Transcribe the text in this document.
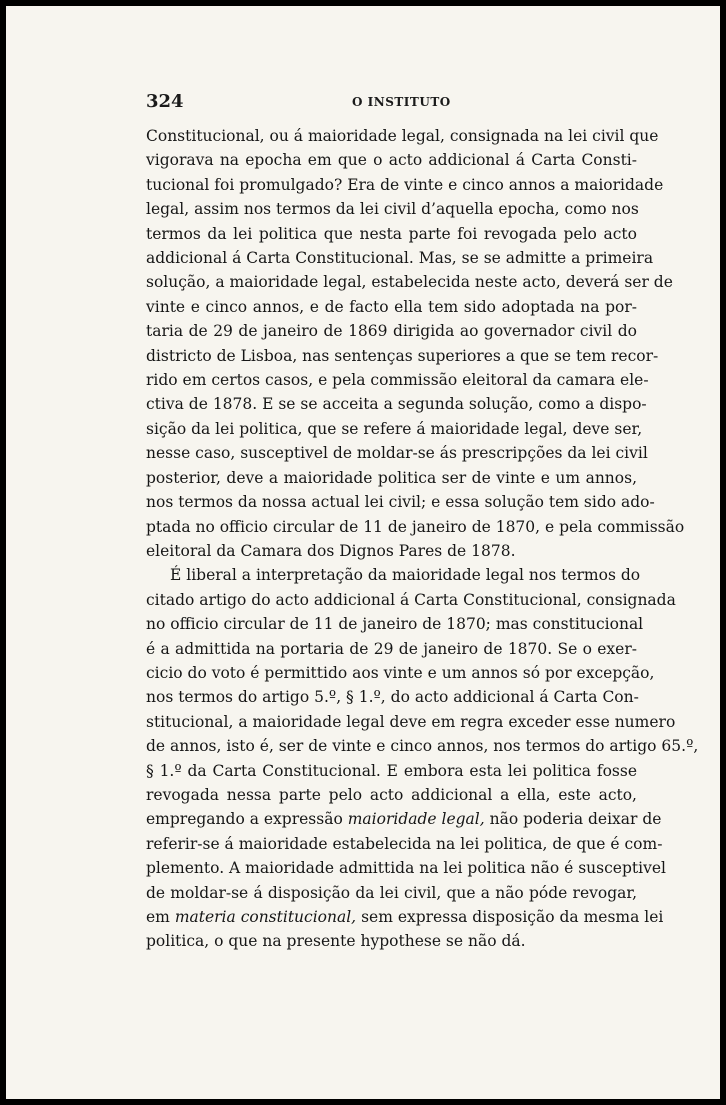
324	O INSTITUTO

Constitucional, ou á maioridade legal, consignada na lei civil que
vigorava na epocha em que o acto addicional á Carta Consti-
tucional foi promulgado? Era de vinte e cinco annos a maioridade
legal, assim nos termos da lei civil d’aquella epocha, como nos
termos da lei politica que nesta parte foi revogada pelo acto
addicional á Carta Constitucional. Mas, se se admitte a primeira
solução, a maioridade legal, estabelecida neste acto, deverá ser de
vinte e cinco annos, e de facto ella tem sido adoptada na por-
taria de 29 de janeiro de 1869 dirigida ao governador civil do
districto de Lisboa, nas sentenças superiores a que se tem recor-
rido em certos casos, e pela commissão eleitoral da camara ele-
ctiva de 1878. E se se acceita a segunda solução, como a dispo-
sição da lei politica, que se refere á maioridade legal, deve ser,
nesse caso, susceptivel de moldar-se ás prescripções da lei civil
posterior, deve a maioridade politica ser de vinte e um annos,
nos termos da nossa actual lei civil; e essa solução tem sido ado-
ptada no officio circular de 11 de janeiro de 1870, e pela commissão
eleitoral da Camara dos Dignos Pares de 1878.

É liberal a interpretação da maioridade legal nos termos do
citado artigo do acto addicional á Carta Constitucional, consignada
no officio circular de 11 de janeiro de 1870; mas constitucional
é a admittida na portaria de 29 de janeiro de 1870. Se o exer-
cicio do voto é permittido aos vinte e um annos só por excepção,
nos termos do artigo 5.º, § 1.º, do acto addicional á Carta Con-
stitucional, a maioridade legal deve em regra exceder esse numero
de annos, isto é, ser de vinte e cinco annos, nos termos do artigo 65.º,
§ 1.º da Carta Constitucional. E embora esta lei politica fosse
revogada nessa parte pelo acto addicional a ella, este acto,
empregando a expressão maioridade legal, não poderia deixar de
referir-se á maioridade estabelecida na lei politica, de que é com-
plemento. A maioridade admittida na lei politica não é susceptivel
de moldar-se á disposição da lei civil, que a não póde revogar,
em materia constitucional, sem expressa disposição da mesma lei
politica, o que na presente hypothese se não dá.
